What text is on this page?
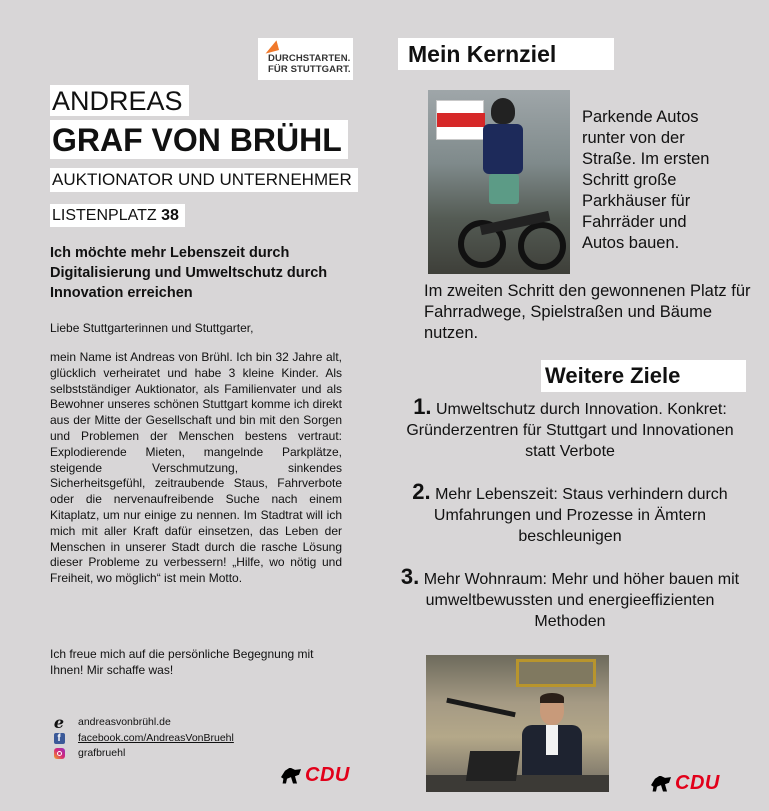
DURCHSTARTEN.
FÜR STUTTGART.
ANDREAS
GRAF VON BRÜHL
AUKTIONATOR UND UNTERNEHMER
LISTENPLATZ 38
Ich möchte mehr Lebenszeit durch Digitalisierung und Umweltschutz durch Innovation erreichen
Liebe Stuttgarterinnen und Stuttgarter,
mein Name ist Andreas von Brühl. Ich bin 32 Jahre alt, glücklich verheiratet und habe 3 kleine Kinder. Als selbstständiger Auktionator, als Familienvater und als Bewohner unseres schönen Stuttgart komme ich direkt aus der Mitte der Gesellschaft und bin mit den Sorgen und Problemen der Menschen bestens vertraut: Explodierende Mieten, mangelnde Parkplätze, steigende Verschmutzung, sinkendes Sicherheitsgefühl, zeitraubende Staus, Fahrverbote oder die nervenaufreibende Suche nach einem Kitaplatz, um nur einige zu nennen. Im Stadtrat will ich mich mit aller Kraft dafür einsetzen, das Leben der Menschen in unserer Stadt durch die rasche Lösung dieser Probleme zu verbessern! „Hilfe, wo nötig und Freiheit, wo möglich“ ist mein Motto.
Ich freue mich auf die persönliche Begegnung mit Ihnen! Mir schaffe was!
e andreasvonbrühl.de
f	facebook.com/AndreasVonBruehl
grafbruehl
CDU	CDU
Mein Kernziel
Parkende Autos runter von der Straße. Im ersten Schritt große Parkhäuser für Fahrräder und Autos bauen.
Im zweiten Schritt den gewonnenen Platz für Fahrradwege, Spielstraßen und Bäume nutzen.
Weitere Ziele
1. Umweltschutz durch Innovation. Konkret: Gründerzentren für Stuttgart und Innovationen statt Verbote
2. Mehr Lebenszeit: Staus verhindern durch Umfahrungen und Prozesse in Ämtern beschleunigen
3. Mehr Wohnraum: Mehr und höher bauen mit umweltbewussten und energieeffizienten Methoden
